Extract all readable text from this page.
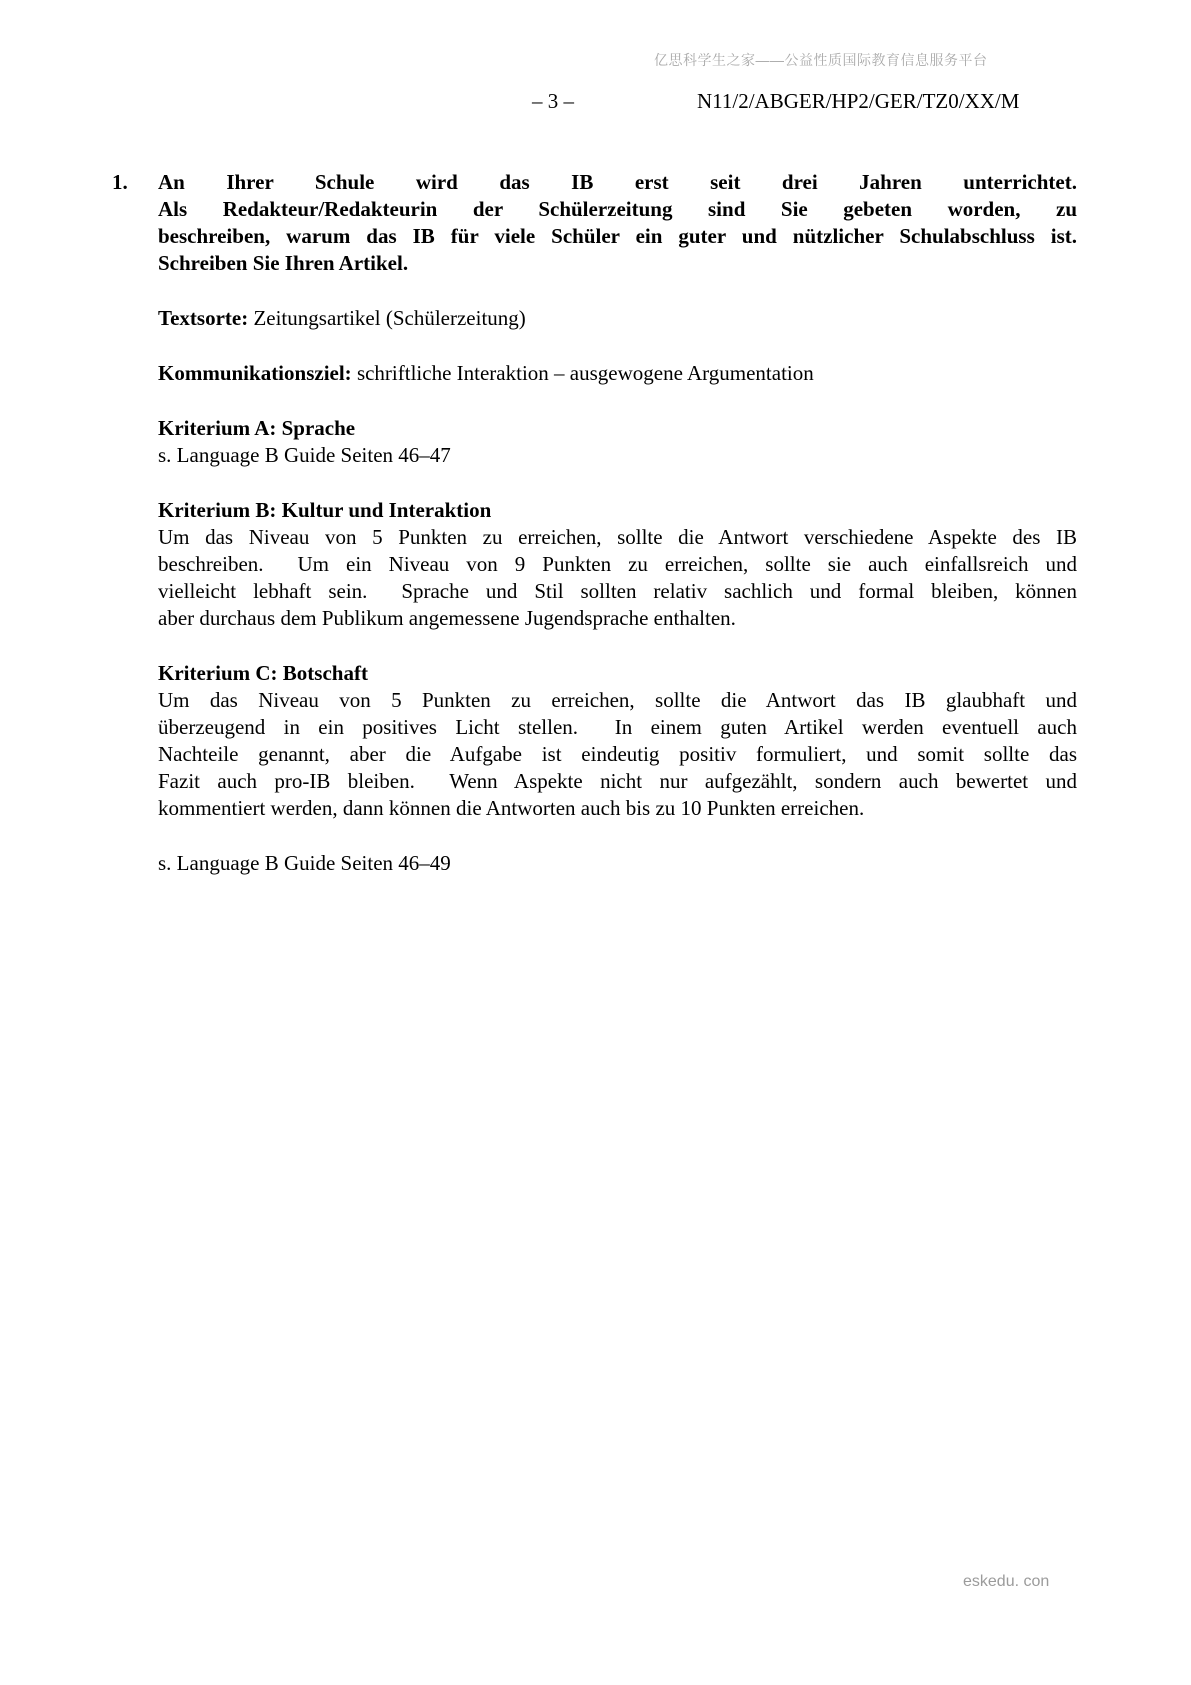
亿思科学生之家——公益性质国际教育信息服务平台
– 3 –	N11/2/ABGER/HP2/GER/TZ0/XX/M
1.	An Ihrer Schule wird das IB erst seit drei Jahren unterrichtet.
Als Redakteur/Redakteurin der Schülerzeitung sind Sie gebeten worden, zu
beschreiben, warum das IB für viele Schüler ein guter und nützlicher Schulabschluss ist.
Schreiben Sie Ihren Artikel.
Textsorte: Zeitungsartikel (Schülerzeitung)
Kommunikationsziel: schriftliche Interaktion – ausgewogene Argumentation
Kriterium A: Sprache
s. Language B Guide Seiten 46–47
Kriterium B: Kultur und Interaktion
Um das Niveau von 5 Punkten zu erreichen, sollte die Antwort verschiedene Aspekte des IB
beschreiben.  Um ein Niveau von 9 Punkten zu erreichen, sollte sie auch einfallsreich und
vielleicht lebhaft sein.  Sprache und Stil sollten relativ sachlich und formal bleiben, können
aber durchaus dem Publikum angemessene Jugendsprache enthalten.
Kriterium C: Botschaft
Um das Niveau von 5 Punkten zu erreichen, sollte die Antwort das IB glaubhaft und
überzeugend in ein positives Licht stellen.  In einem guten Artikel werden eventuell auch
Nachteile genannt, aber die Aufgabe ist eindeutig positiv formuliert, und somit sollte das
Fazit auch pro-IB bleiben.  Wenn Aspekte nicht nur aufgezählt, sondern auch bewertet und
kommentiert werden, dann können die Antworten auch bis zu 10 Punkten erreichen.
s. Language B Guide Seiten 46–49
eskedu. con
